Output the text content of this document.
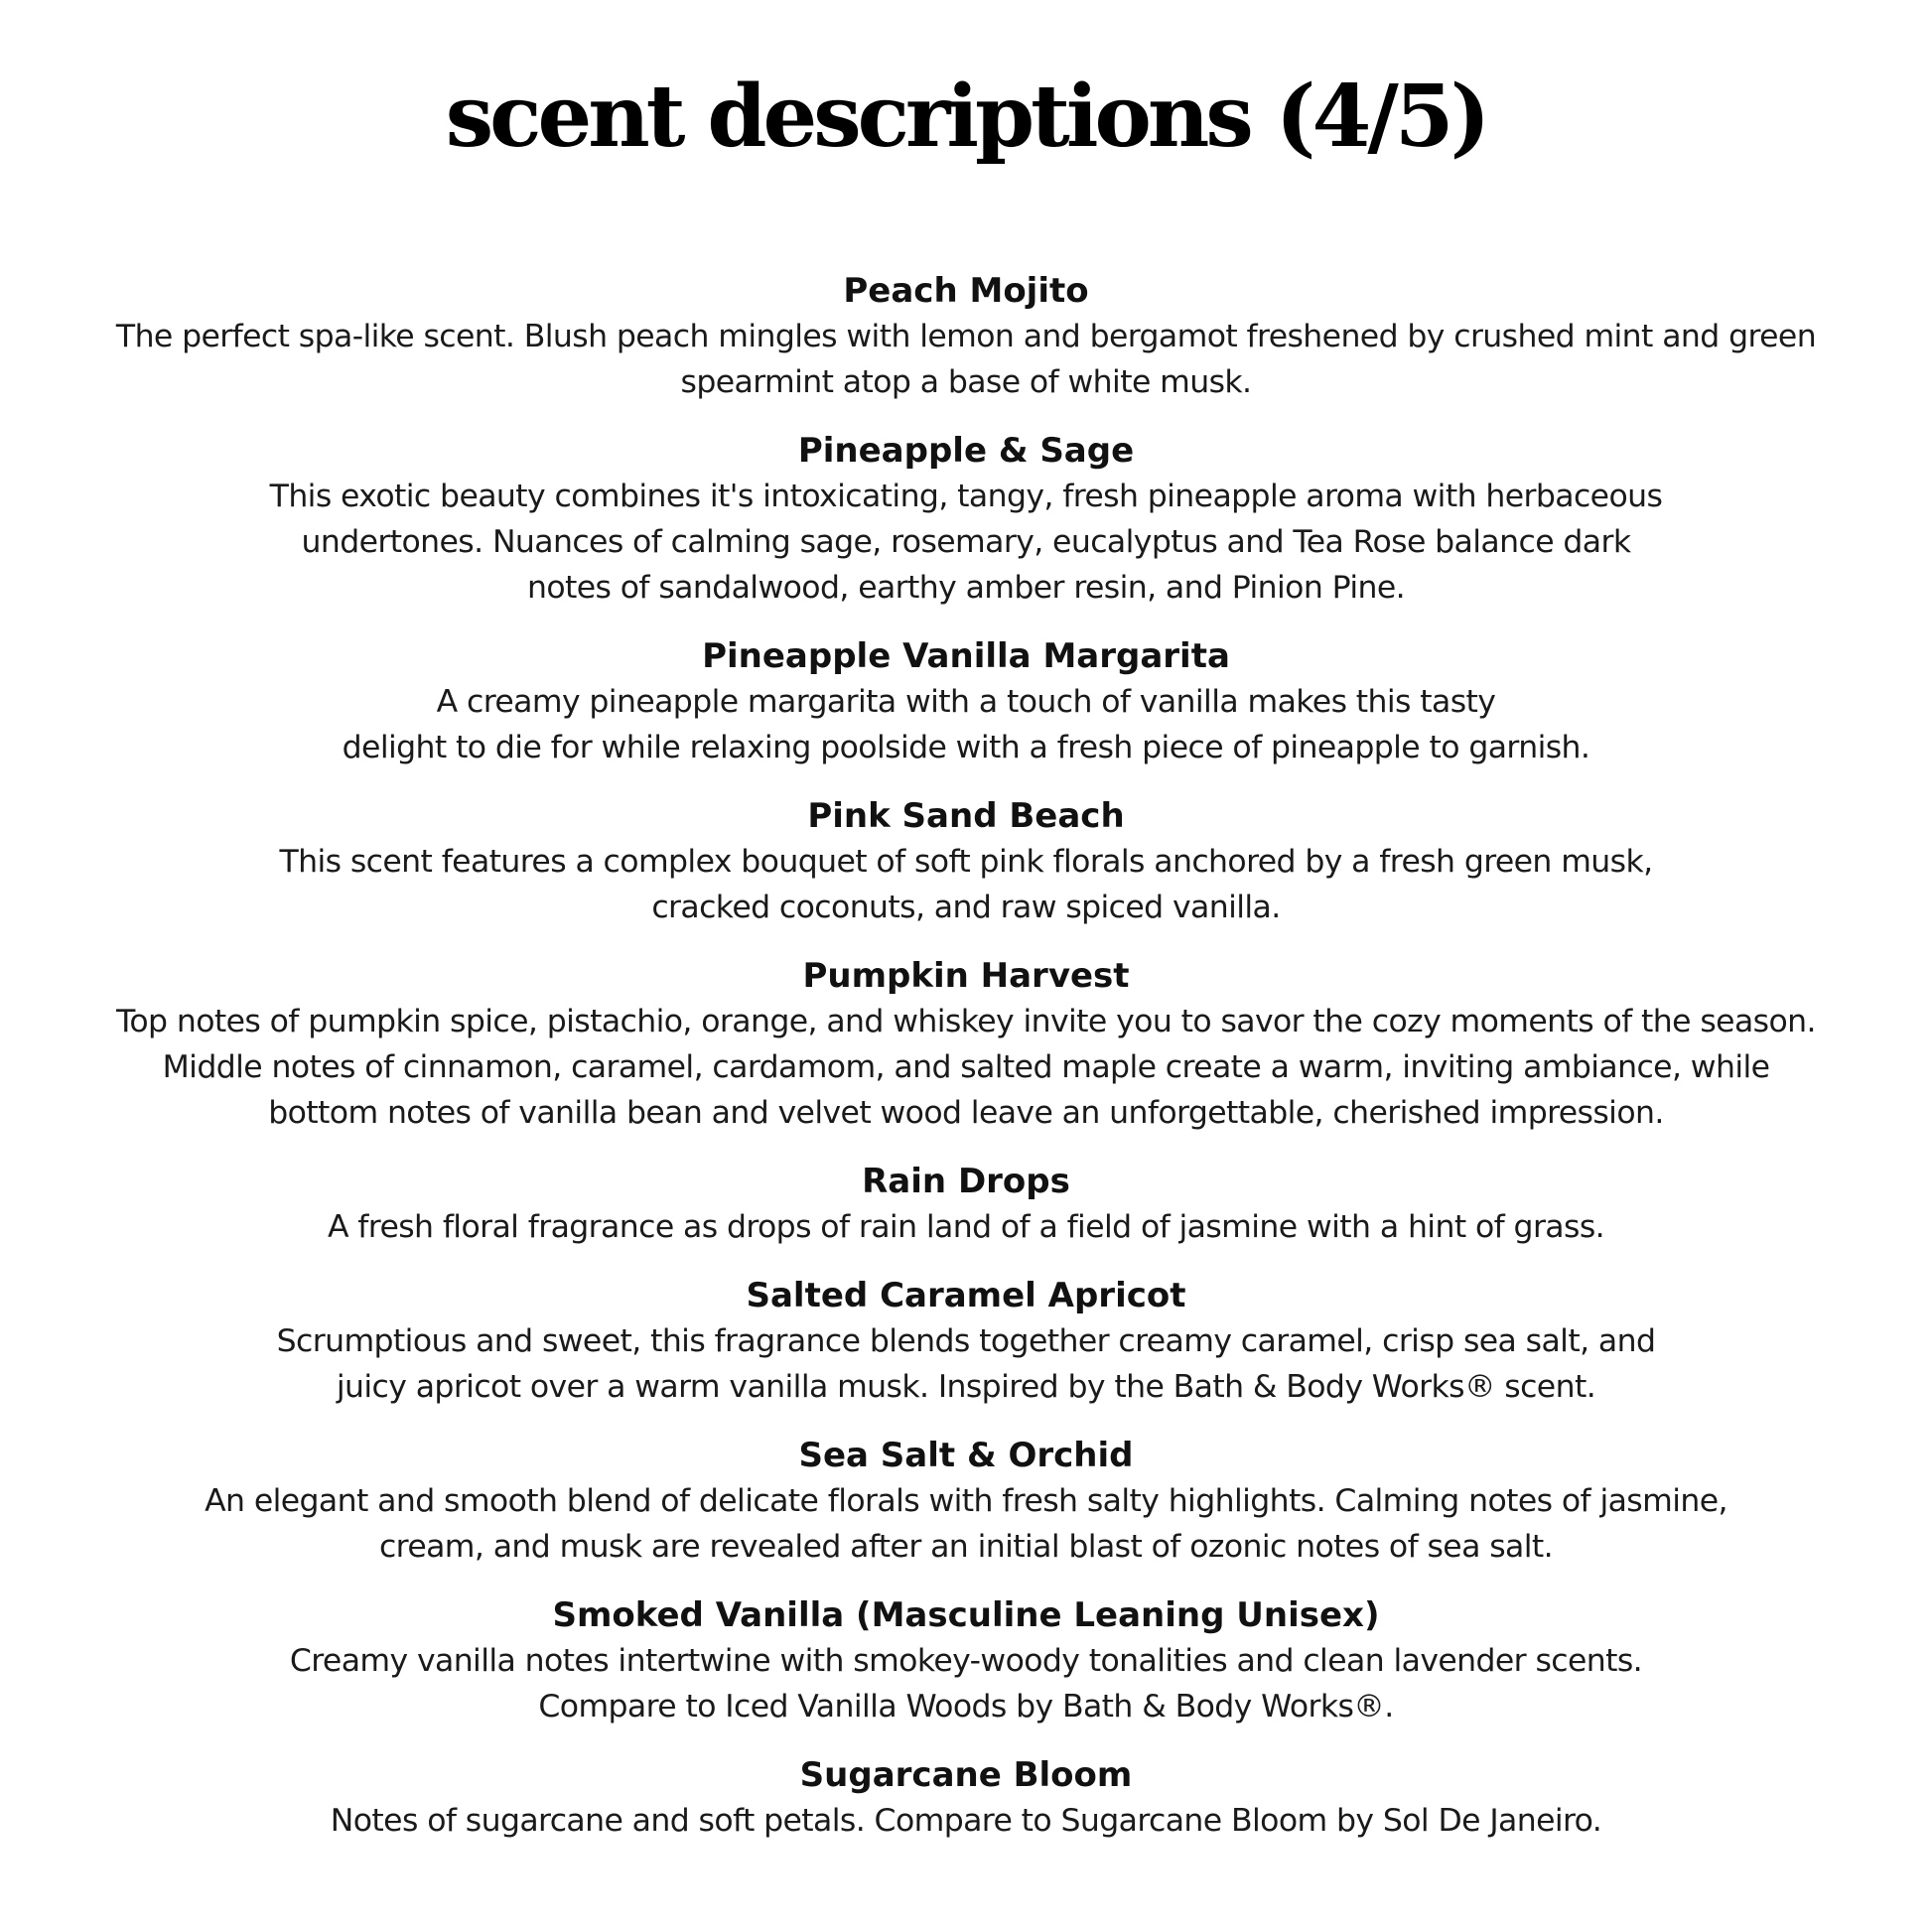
scent descriptions (4/5)
Peach Mojito
The perfect spa-like scent. Blush peach mingles with lemon and bergamot freshened by crushed mint and green
spearmint atop a base of white musk.
Pineapple & Sage
This exotic beauty combines it's intoxicating, tangy, fresh pineapple aroma with herbaceous
undertones. Nuances of calming sage, rosemary, eucalyptus and Tea Rose balance dark
notes of sandalwood, earthy amber resin, and Pinion Pine.
Pineapple Vanilla Margarita
A creamy pineapple margarita with a touch of vanilla makes this tasty
delight to die for while relaxing poolside with a fresh piece of pineapple to garnish.
Pink Sand Beach
This scent features a complex bouquet of soft pink florals anchored by a fresh green musk,
cracked coconuts, and raw spiced vanilla.
Pumpkin Harvest
Top notes of pumpkin spice, pistachio, orange, and whiskey invite you to savor the cozy moments of the season.
Middle notes of cinnamon, caramel, cardamom, and salted maple create a warm, inviting ambiance, while
bottom notes of vanilla bean and velvet wood leave an unforgettable, cherished impression.
Rain Drops
A fresh floral fragrance as drops of rain land of a field of jasmine with a hint of grass.
Salted Caramel Apricot
Scrumptious and sweet, this fragrance blends together creamy caramel, crisp sea salt, and
juicy apricot over a warm vanilla musk. Inspired by the Bath & Body Works® scent.
Sea Salt & Orchid
An elegant and smooth blend of delicate florals with fresh salty highlights. Calming notes of jasmine,
cream, and musk are revealed after an initial blast of ozonic notes of sea salt.
Smoked Vanilla (Masculine Leaning Unisex)
Creamy vanilla notes intertwine with smokey-woody tonalities and clean lavender scents.
Compare to Iced Vanilla Woods by Bath & Body Works®.
Sugarcane Bloom
Notes of sugarcane and soft petals. Compare to Sugarcane Bloom by Sol De Janeiro.
